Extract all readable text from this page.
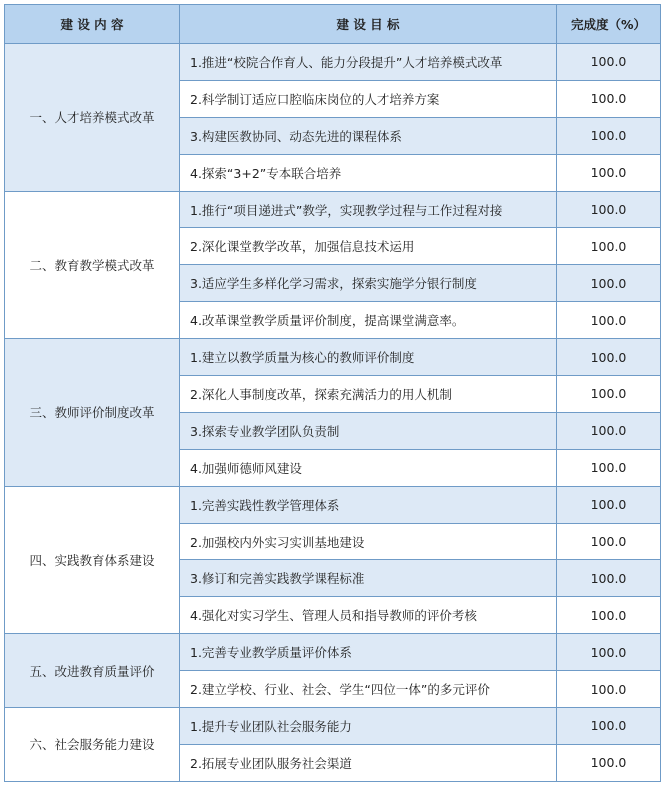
建 设 内 容	建 设 目 标	完成度（%）
一、人才培养模式改革	1.推进“校院合作育人、能力分段提升”人才培养模式改革	100.0
	2.科学制订适应口腔临床岗位的人才培养方案	100.0
	3.构建医教协同、动态先进的课程体系	100.0
	4.探索“3+2”专本联合培养	100.0
二、教育教学模式改革	1.推行“项目递进式”教学，实现教学过程与工作过程对接	100.0
	2.深化课堂教学改革，加强信息技术运用	100.0
	3.适应学生多样化学习需求，探索实施学分银行制度	100.0
	4.改革课堂教学质量评价制度，提高课堂满意率。	100.0
三、教师评价制度改革	1.建立以教学质量为核心的教师评价制度	100.0
	2.深化人事制度改革，探索充满活力的用人机制	100.0
	3.探索专业教学团队负责制	100.0
	4.加强师德师风建设	100.0
四、实践教育体系建设	1.完善实践性教学管理体系	100.0
	2.加强校内外实习实训基地建设	100.0
	3.修订和完善实践教学课程标准	100.0
	4.强化对实习学生、管理人员和指导教师的评价考核	100.0
五、改进教育质量评价	1.完善专业教学质量评价体系	100.0
	2.建立学校、行业、社会、学生“四位一体”的多元评价	100.0
六、社会服务能力建设	1.提升专业团队社会服务能力	100.0
	2.拓展专业团队服务社会渠道	100.0
